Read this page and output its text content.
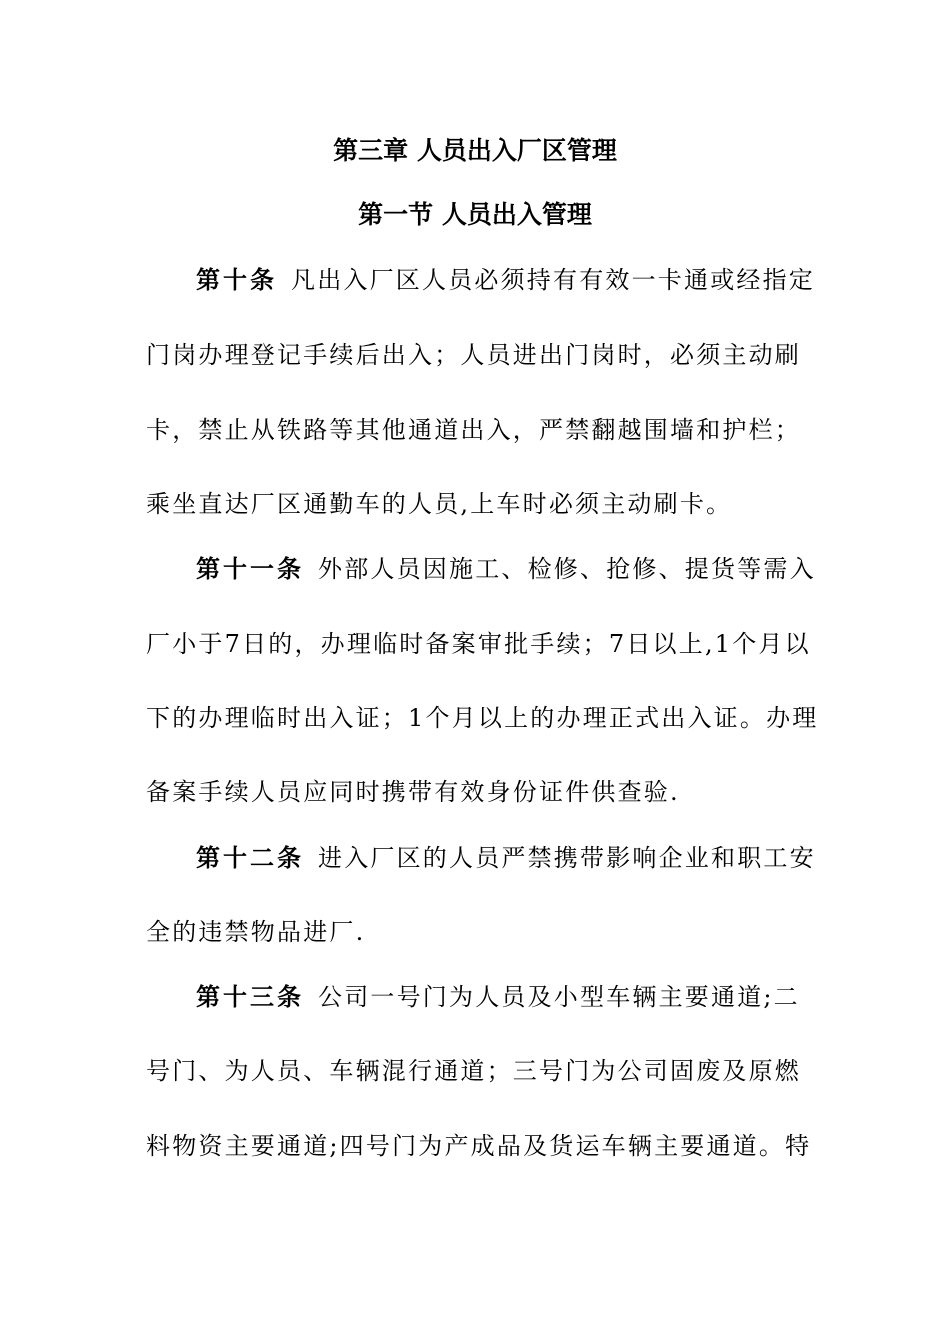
第三章 人员出入厂区管理
第一节 人员出入管理
第十条 凡出入厂区人员必须持有有效一卡通或经指定
门岗办理登记手续后出入；人员进出门岗时，必须主动刷
卡，禁止从铁路等其他通道出入，严禁翻越围墙和护栏；
乘坐直达厂区通勤车的人员,上车时必须主动刷卡。
第十一条 外部人员因施工、检修、抢修、提货等需入
厂小于7日的，办理临时备案审批手续；7日以上,1个月以
下的办理临时出入证；1个月以上的办理正式出入证。办理
备案手续人员应同时携带有效身份证件供查验.
第十二条 进入厂区的人员严禁携带影响企业和职工安
全的违禁物品进厂.
第十三条 公司一号门为人员及小型车辆主要通道;二
号门、为人员、车辆混行通道；三号门为公司固废及原燃
料物资主要通道;四号门为产成品及货运车辆主要通道。特
